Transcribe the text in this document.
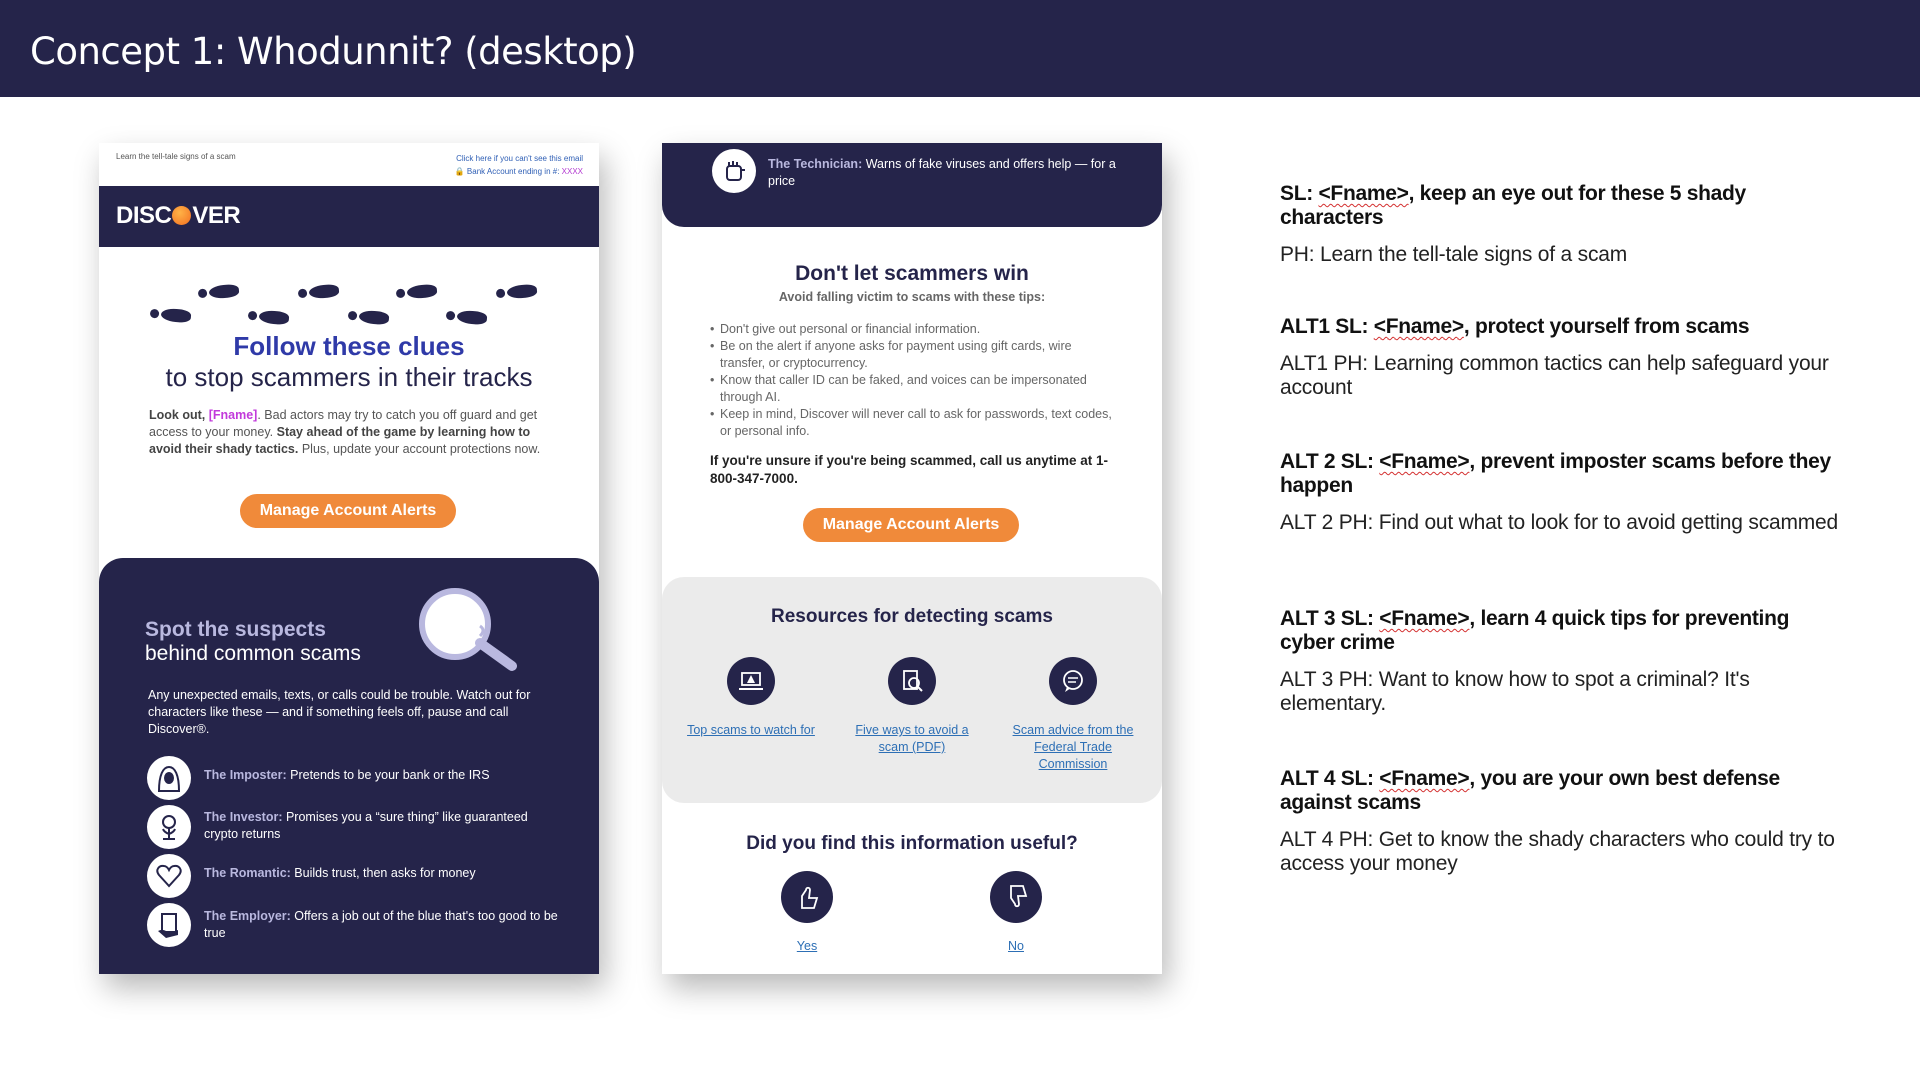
Concept 1: Whodunnit? (desktop)
Learn the tell-tale signs of a scam	Click here if you can't see this email
🔒 Bank Account ending in #: XXXX
DISC VER
Follow these clues
to stop scammers in their tracks
Look out, [Fname]. Bad actors may try to catch you off guard and get access to your money. Stay ahead of the game by learning how to avoid their shady tactics. Plus, update your account protections now.
Manage Account Alerts
Spot the suspects
behind common scams
Any unexpected emails, texts, or calls could be trouble. Watch out for characters like these — and if something feels off, pause and call Discover®.
The Imposter: Pretends to be your bank or the IRS
The Investor: Promises you a “sure thing” like guaranteed crypto returns
The Romantic: Builds trust, then asks for money
The Employer: Offers a job out of the blue that's too good to be true
The Technician: Warns of fake viruses and offers help — for a price
Don't let scammers win
Avoid falling victim to scams with these tips:
• Don't give out personal or financial information.
• Be on the alert if anyone asks for payment using gift cards, wire transfer, or cryptocurrency.
• Know that caller ID can be faked, and voices can be impersonated through AI.
• Keep in mind, Discover will never call to ask for passwords, text codes, or personal info.
If you're unsure if you're being scammed, call us anytime at 1-800-347-7000.
Manage Account Alerts
Resources for detecting scams
Top scams to watch for	Five ways to avoid a scam (PDF)
Scam advice from the Federal Trade Commission
Did you find this information useful?
Yes	No
SL: <Fname>, keep an eye out for these 5 shady characters
PH: Learn the tell-tale signs of a scam
ALT1 SL: <Fname>, protect yourself from scams
ALT1 PH: Learning common tactics can help safeguard your account
ALT 2 SL: <Fname>, prevent imposter scams before they happen
ALT 2 PH: Find out what to look for to avoid getting scammed
ALT 3 SL: <Fname>, learn 4 quick tips for preventing cyber crime
ALT 3 PH: Want to know how to spot a criminal? It's elementary.
ALT 4 SL: <Fname>, you are your own best defense against scams
ALT 4 PH: Get to know the shady characters who could try to access your money
